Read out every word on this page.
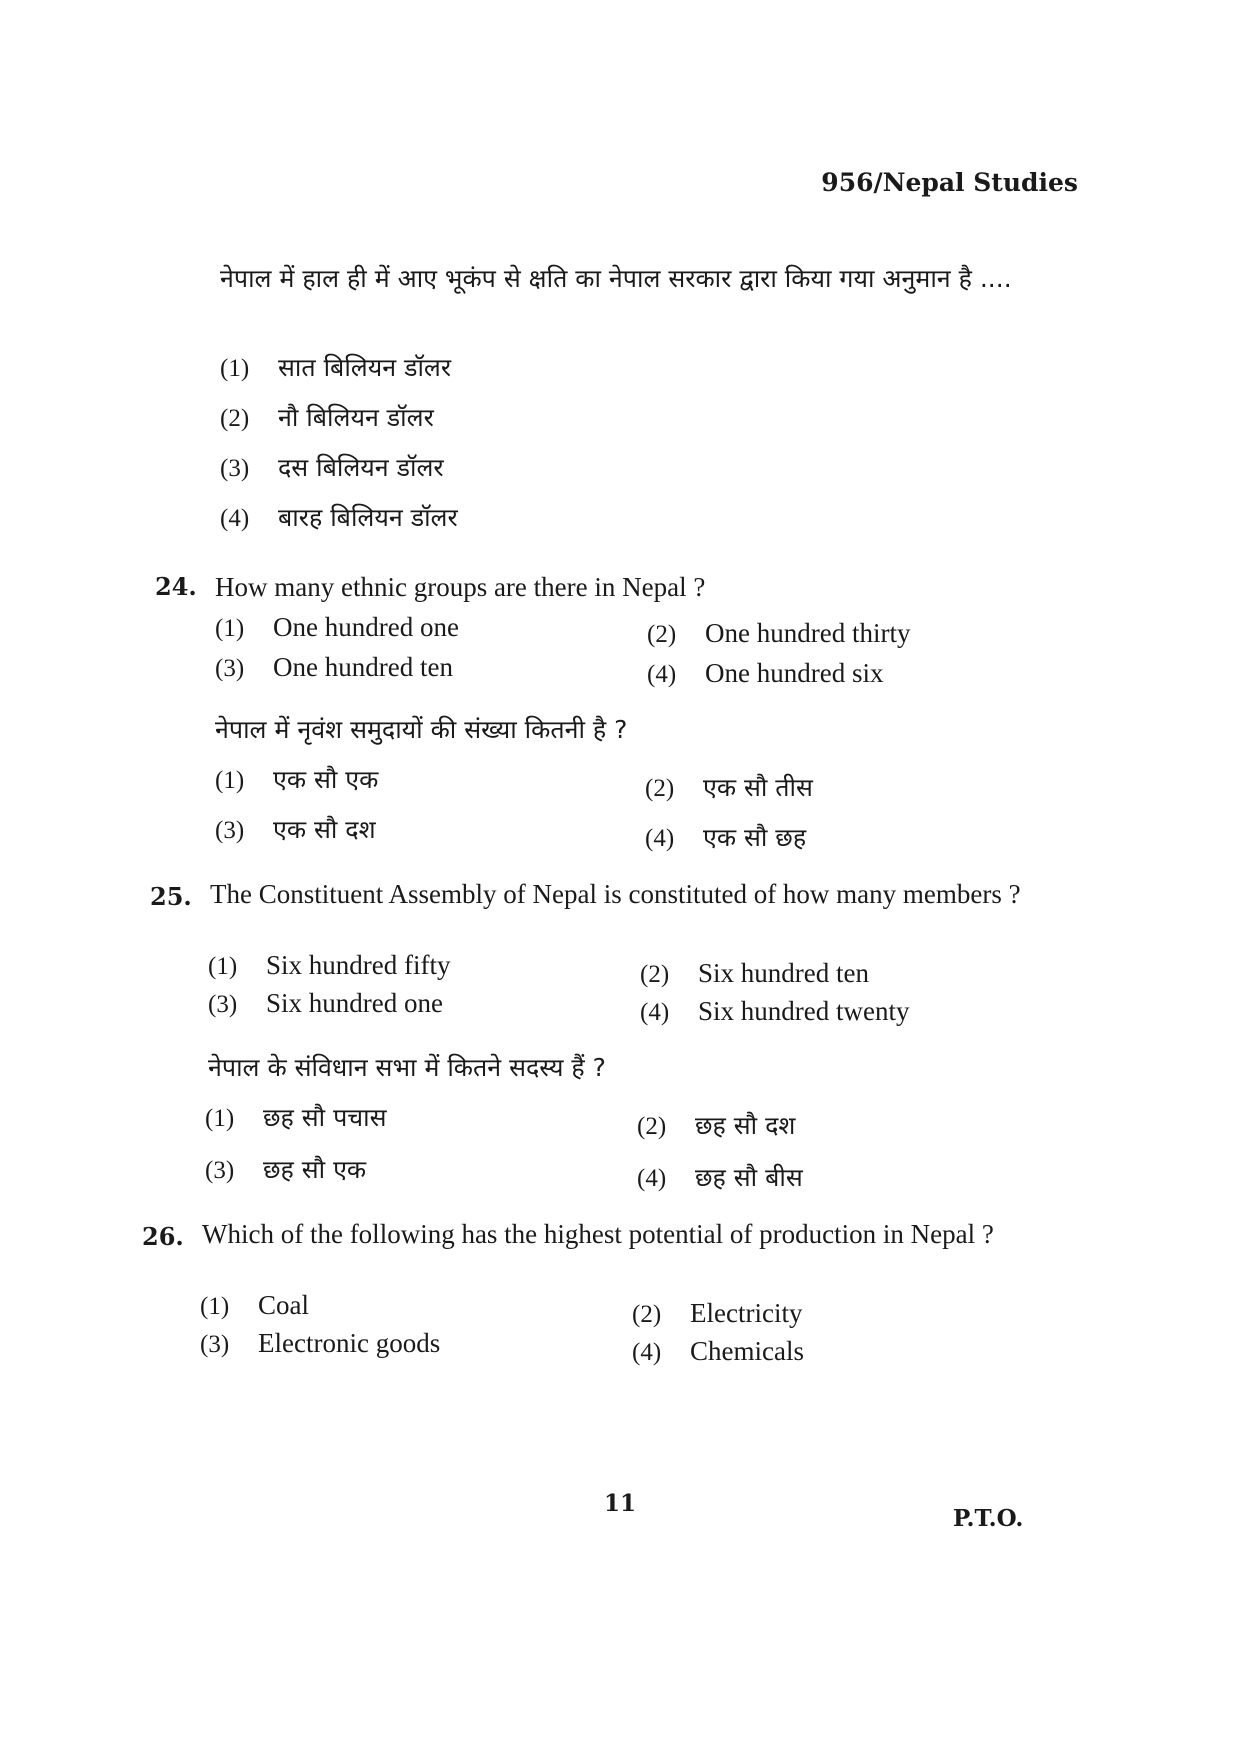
956/Nepal Studies
नेपाल में हाल ही में आए भूकंप से क्षति का नेपाल सरकार द्वारा किया गया अनुमान है ....
(1) सात बिलियन डॉलर
(2) नौ बिलियन डॉलर
(3) दस बिलियन डॉलर
(4) बारह बिलियन डॉलर
24. How many ethnic groups are there in Nepal ?
(1) One hundred one	(2) One hundred thirty
(3) One hundred ten	(4) One hundred six
नेपाल में नृवंश समुदायों की संख्या कितनी है ?
(1) एक सौ एक	(2) एक सौ तीस
(3) एक सौ दश	(4) एक सौ छह
25. The Constituent Assembly of Nepal is constituted of how many members ?
(1) Six hundred fifty	(2) Six hundred ten
(3) Six hundred one	(4) Six hundred twenty
नेपाल के संविधान सभा में कितने सदस्य हैं ?
(1) छह सौ पचास	(2) छह सौ दश
(3) छह सौ एक	(4) छह सौ बीस
26. Which of the following has the highest potential of production in Nepal ?
(1) Coal	(2) Electricity
(3) Electronic goods	(4) Chemicals
11
P.T.O.
